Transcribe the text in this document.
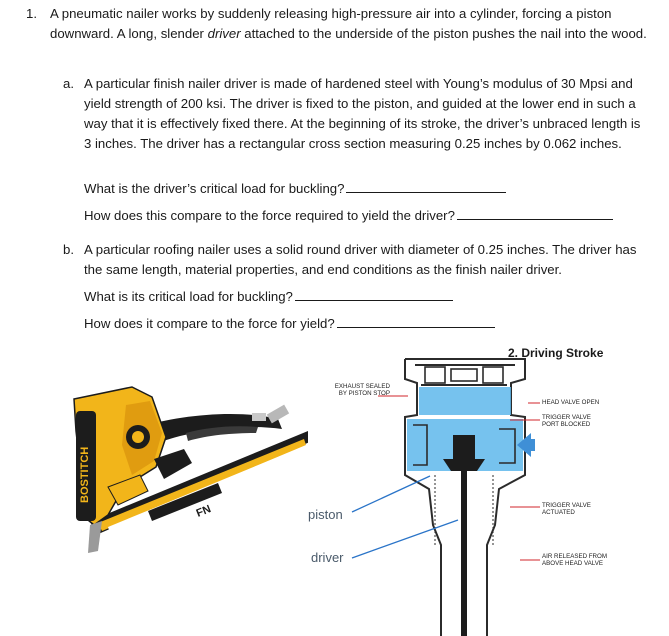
1. A pneumatic nailer works by suddenly releasing high-pressure air into a cylinder, forcing a piston downward. A long, slender driver attached to the underside of the piston pushes the nail into the wood.
a. A particular finish nailer driver is made of hardened steel with Young’s modulus of 30 Mpsi and yield strength of 200 ksi. The driver is fixed to the piston, and guided at the lower end in such a way that it is effectively fixed there. At the beginning of its stroke, the driver’s unbraced length is 3 inches. The driver has a rectangular cross section measuring 0.25 inches by 0.062 inches.
What is the driver’s critical load for buckling?
How does this compare to the force required to yield the driver?
b. A particular roofing nailer uses a solid round driver with diameter of 0.25 inches. The driver has the same length, material properties, and end conditions as the finish nailer driver.
What is its critical load for buckling?
How does it compare to the force for yield?
BOSTITCH
FN
2. Driving Stroke
EXHAUST SEALED BY PISTON STOP
HEAD VALVE OPEN
TRIGGER VALVE PORT BLOCKED
TRIGGER VALVE ACTUATED
AIR RELEASED FROM ABOVE HEAD VALVE
piston
driver
